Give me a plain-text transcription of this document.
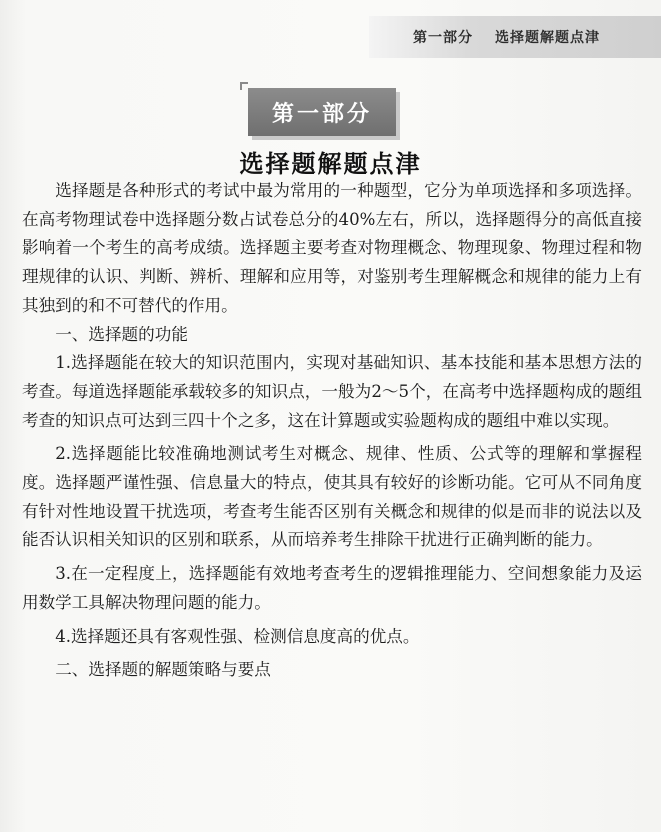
第一部分 选择题解题点津
第一部分
选择题解题点津

选择题是各种形式的考试中最为常用的一种题型，它分为单项选择和多项选择。在高考物理试卷中选择题分数占试卷总分的40%左右，所以，选择题得分的高低直接影响着一个考生的高考成绩。选择题主要考查对物理概念、物理现象、物理过程和物理规律的认识、判断、辨析、理解和应用等，对鉴别考生理解概念和规律的能力上有其独到的和不可替代的作用。

一、选择题的功能

1.选择题能在较大的知识范围内，实现对基础知识、基本技能和基本思想方法的考查。每道选择题能承载较多的知识点，一般为2～5个，在高考中选择题构成的题组考查的知识点可达到三四十个之多，这在计算题或实验题构成的题组中难以实现。

2.选择题能比较准确地测试考生对概念、规律、性质、公式等的理解和掌握程度。选择题严谨性强、信息量大的特点，使其具有较好的诊断功能。它可从不同角度有针对性地设置干扰选项，考查考生能否区别有关概念和规律的似是而非的说法以及能否认识相关知识的区别和联系，从而培养考生排除干扰进行正确判断的能力。

3.在一定程度上，选择题能有效地考查考生的逻辑推理能力、空间想象能力及运用数学工具解决物理问题的能力。

4.选择题还具有客观性强、检测信息度高的优点。

二、选择题的解题策略与要点
